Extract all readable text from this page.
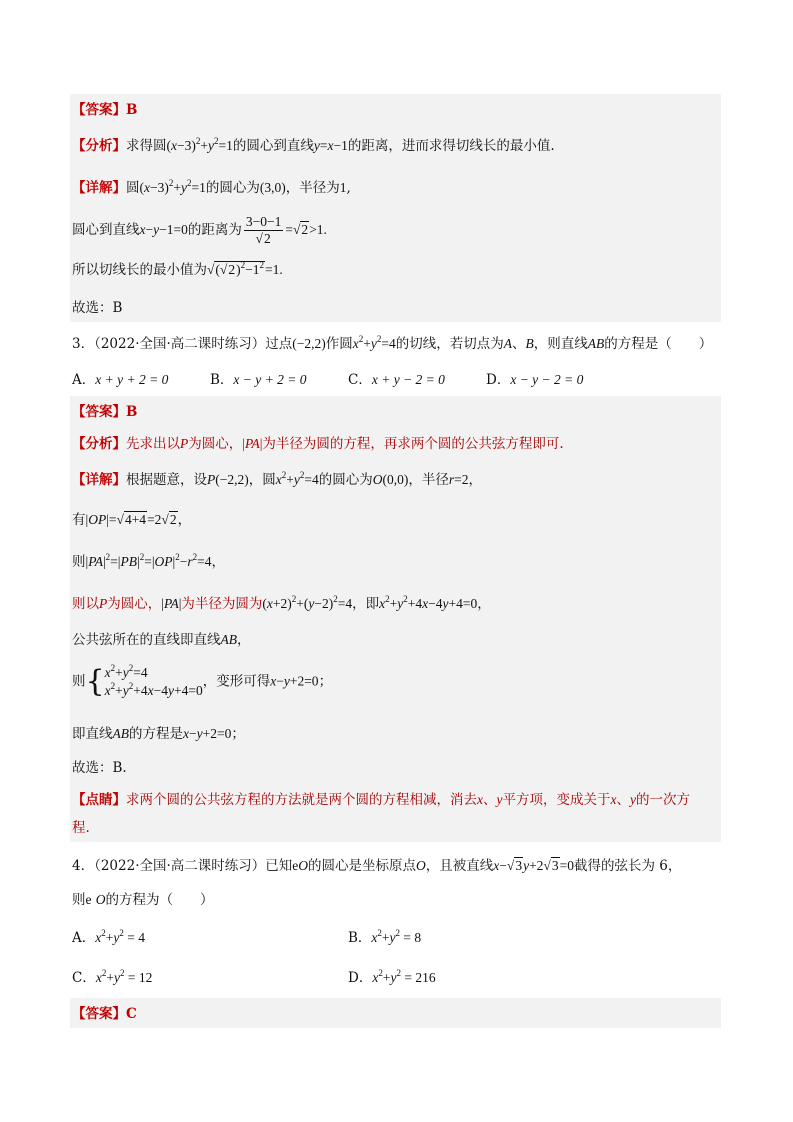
【答案】B
【分析】求得圆$(x-3)^2+y^2=1$的圆心到直线y=x−1的距离，进而求得切线长的最小值.
【详解】圆$(x-3)^2+y^2=1$的圆心为(3,0)，半径为1,
圆心到直线x−y−1=0的距离为 $\frac{3-0-1}{√2} =√2>1$.
所以切线长的最小值为$√(√2)^2-1^2=1$.
故选：B
3．（2022·全国·高二课时练习）过点(−2,2)作圆$x^2+y^2=4$的切线，若切点为A、B，则直线AB的方程是（　　）
A．x + y + 2 = 0	B．x − y + 2 = 0	C．x + y − 2 = 0	D．x − y − 2 = 0
【答案】B
【分析】先求出以P为圆心，|PA|为半径为圆的方程，再求两个圆的公共弦方程即可.
【详解】根据题意，设P(−2,2)，圆$x^2+y^2=4$的圆心为O(0,0)，半径r=2，
有|OP|=√4+4=2√2，
则$|PA|^2=|PB|^2=|OP|^2-r^2=4$，
则以P为圆心，|PA|为半径为圆为$(x+2)^2+(y-2)^2=4$，即$x^2+y^2+4x-4y+4=0$，
公共弦所在的直线即直线AB，
则{$x^2+y^2=4$
$x^2+y^2+4x-4y+4=0$，变形可得x−y+2=0；
即直线AB的方程是x−y+2=0；
故选：B.
【点睛】求两个圆的公共弦方程的方法就是两个圆的方程相减，消去x、y平方项，变成关于x、y的一次方
程.
4．（2022·全国·高二课时练习）已知eO的圆心是坐标原点O，且被直线x−√3y+2√3=0截得的弦长为 6，
则e O的方程为（　　）
A．$x^2+y^2 = 4$	B．$x^2+y^2 = 8$
C．$x^2+y^2 = 12$	D．$x^2+y^2 = 216$
【答案】C
